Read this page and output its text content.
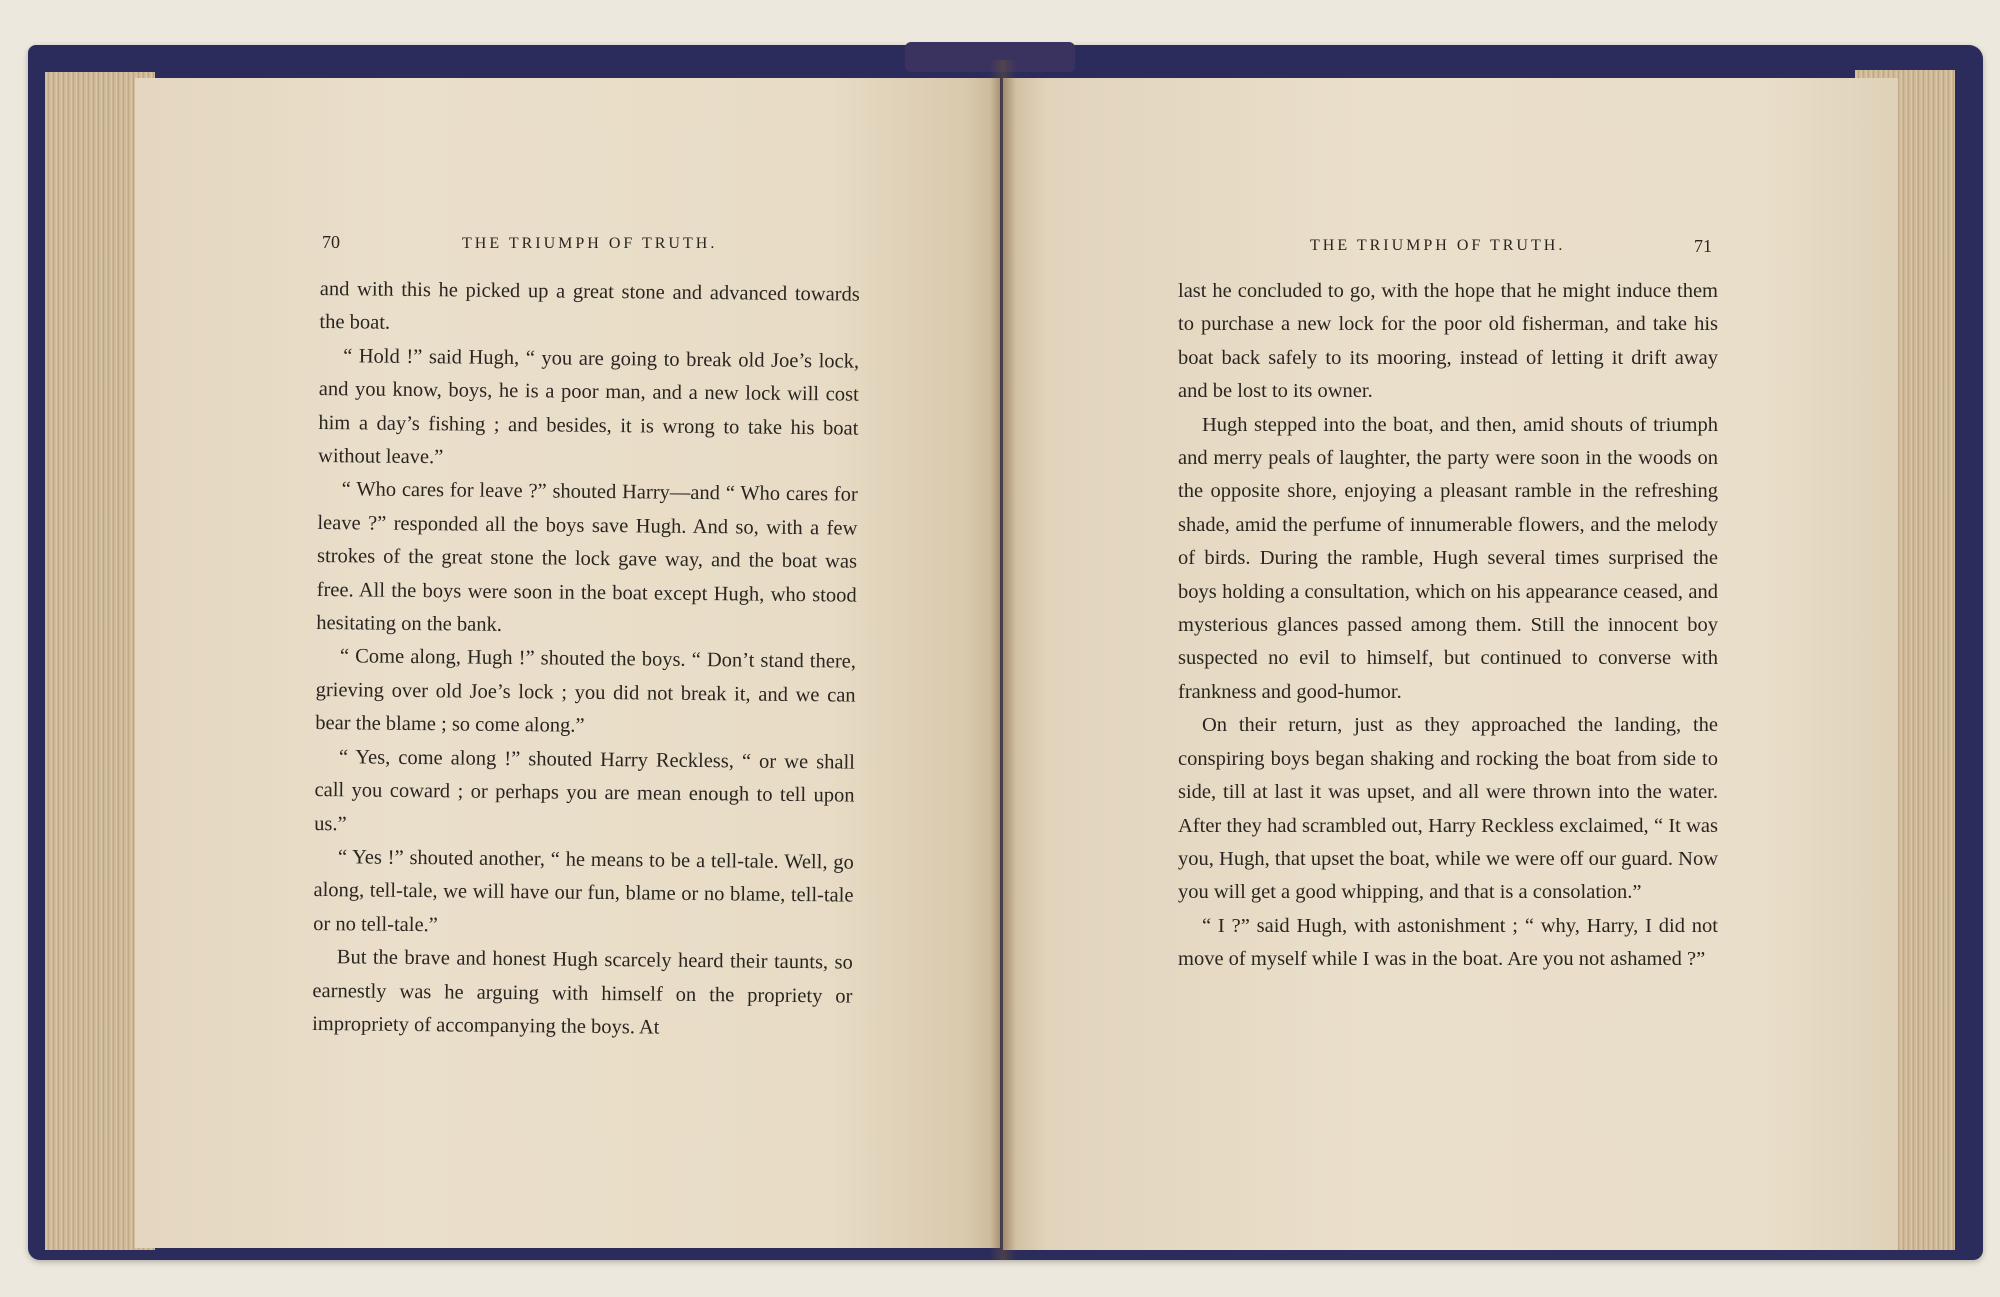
70	THE TRIUMPH OF TRUTH.	THE TRIUMPH OF TRUTH.	71

and with this he picked up a great stone and advanced towards the boat.

“ Hold !” said Hugh, “ you are going to break old Joe’s lock, and you know, boys, he is a poor man, and a new lock will cost him a day’s fishing ; and besides, it is wrong to take his boat without leave.”

“ Who cares for leave ?” shouted Harry—and “ Who cares for leave ?” responded all the boys save Hugh. And so, with a few strokes of the great stone the lock gave way, and the boat was free. All the boys were soon in the boat except Hugh, who stood hesitating on the bank.

“ Come along, Hugh !” shouted the boys. “ Don’t stand there, grieving over old Joe’s lock ; you did not break it, and we can bear the blame ; so come along.”

“ Yes, come along !” shouted Harry Reckless, “ or we shall call you coward ; or perhaps you are mean enough to tell upon us.”

“ Yes !” shouted another, “ he means to be a tell-tale. Well, go along, tell-tale, we will have our fun, blame or no blame, tell-tale or no tell-tale.”

But the brave and honest Hugh scarcely heard their taunts, so earnestly was he arguing with himself on the propriety or impropriety of accompanying the boys. At

last he concluded to go, with the hope that he might induce them to purchase a new lock for the poor old fisherman, and take his boat back safely to its mooring, instead of letting it drift away and be lost to its owner.

Hugh stepped into the boat, and then, amid shouts of triumph and merry peals of laughter, the party were soon in the woods on the opposite shore, enjoying a pleasant ramble in the refreshing shade, amid the perfume of innumerable flowers, and the melody of birds. During the ramble, Hugh several times surprised the boys holding a consultation, which on his appearance ceased, and mysterious glances passed among them. Still the innocent boy suspected no evil to himself, but continued to converse with frankness and good-humor.

On their return, just as they approached the landing, the conspiring boys began shaking and rocking the boat from side to side, till at last it was upset, and all were thrown into the water. After they had scrambled out, Harry Reckless exclaimed, “ It was you, Hugh, that upset the boat, while we were off our guard. Now you will get a good whipping, and that is a consolation.”

“ I ?” said Hugh, with astonishment ; “ why, Harry, I did not move of myself while I was in the boat. Are you not ashamed ?”
